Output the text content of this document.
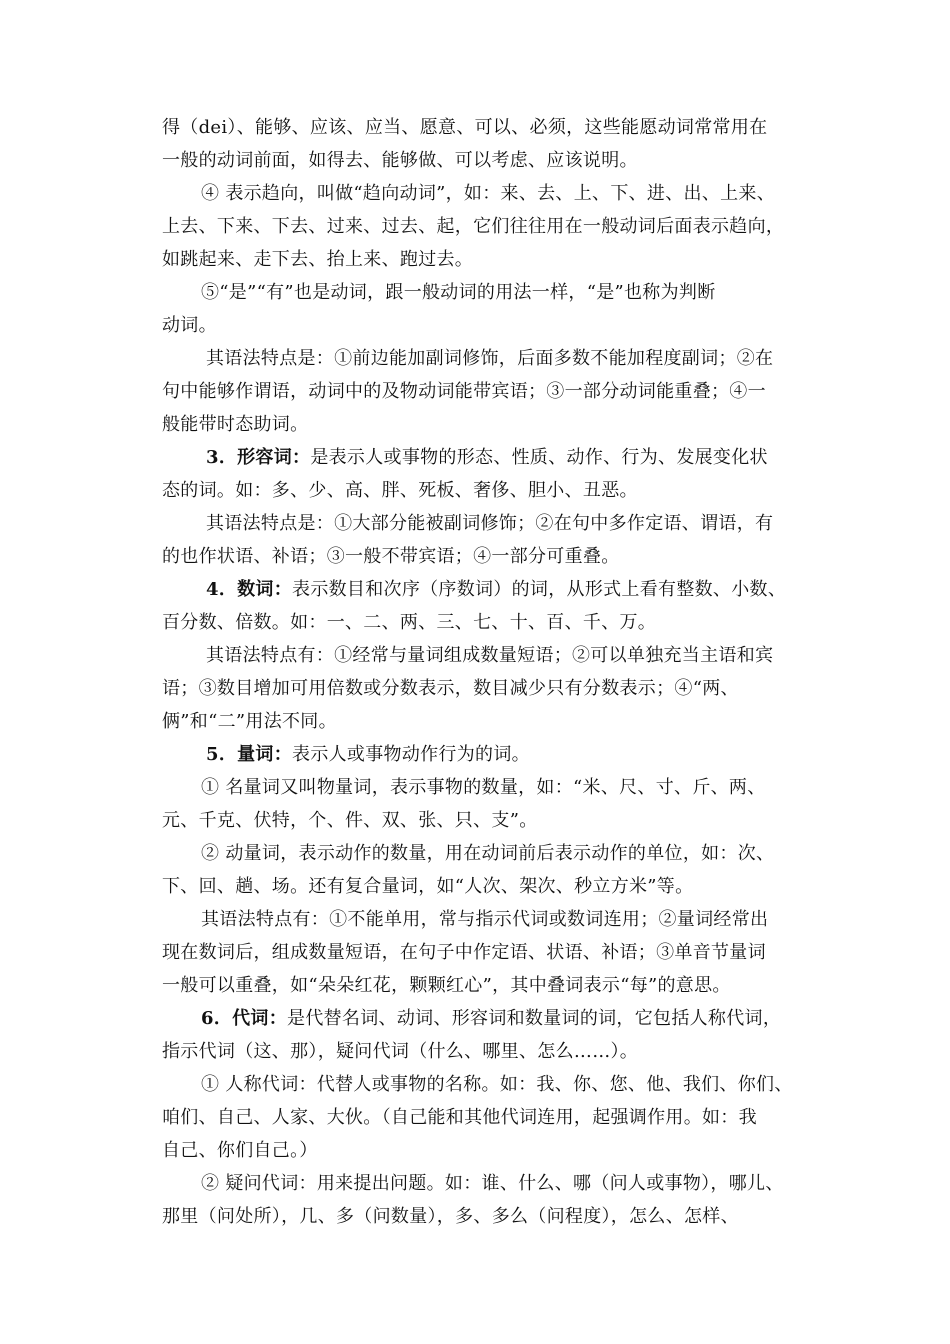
得（dei）、能够、应该、应当、愿意、可以、必须，这些能愿动词常常用在
一般的动词前面，如得去、能够做、可以考虑、应该说明。
④ 表示趋向，叫做“趋向动词”，如：来、去、上、下、进、出、上来、
上去、下来、下去、过来、过去、起，它们往往用在一般动词后面表示趋向，
如跳起来、走下去、抬上来、跑过去。
⑤“是”“有”也是动词，跟一般动词的用法一样，“是”也称为判断
动词。
其语法特点是：①前边能加副词修饰，后面多数不能加程度副词；②在
句中能够作谓语，动词中的及物动词能带宾语；③一部分动词能重叠；④一
般能带时态助词。
3．形容词：是表示人或事物的形态、性质、动作、行为、发展变化状
态的词。如：多、少、高、胖、死板、奢侈、胆小、丑恶。
其语法特点是：①大部分能被副词修饰；②在句中多作定语、谓语，有
的也作状语、补语；③一般不带宾语；④一部分可重叠。
4．数词：表示数目和次序（序数词）的词，从形式上看有整数、小数、
百分数、倍数。如：一、二、两、三、七、十、百、千、万。
其语法特点有：①经常与量词组成数量短语；②可以单独充当主语和宾
语；③数目增加可用倍数或分数表示，数目减少只有分数表示；④“两、
俩”和“二”用法不同。
5．量词：表示人或事物动作行为的词。
① 名量词又叫物量词，表示事物的数量，如：“米、尺、寸、斤、两、
元、千克、伏特，个、件、双、张、只、支”。
② 动量词，表示动作的数量，用在动词前后表示动作的单位，如：次、
下、回、趟、场。还有复合量词，如“人次、架次、秒立方米”等。
其语法特点有：①不能单用，常与指示代词或数词连用；②量词经常出
现在数词后，组成数量短语，在句子中作定语、状语、补语；③单音节量词
一般可以重叠，如“朵朵红花，颗颗红心”，其中叠词表示“每”的意思。
6．代词：是代替名词、动词、形容词和数量词的词，它包括人称代词，
指示代词（这、那），疑问代词（什么、哪里、怎么……）。
① 人称代词：代替人或事物的名称。如：我、你、您、他、我们、你们、
咱们、自己、人家、大伙。（自己能和其他代词连用，起强调作用。如：我
自己、你们自己。）
② 疑问代词：用来提出问题。如：谁、什么、哪（问人或事物），哪儿、
那里（问处所），几、多（问数量），多、多么（问程度），怎么、怎样、
